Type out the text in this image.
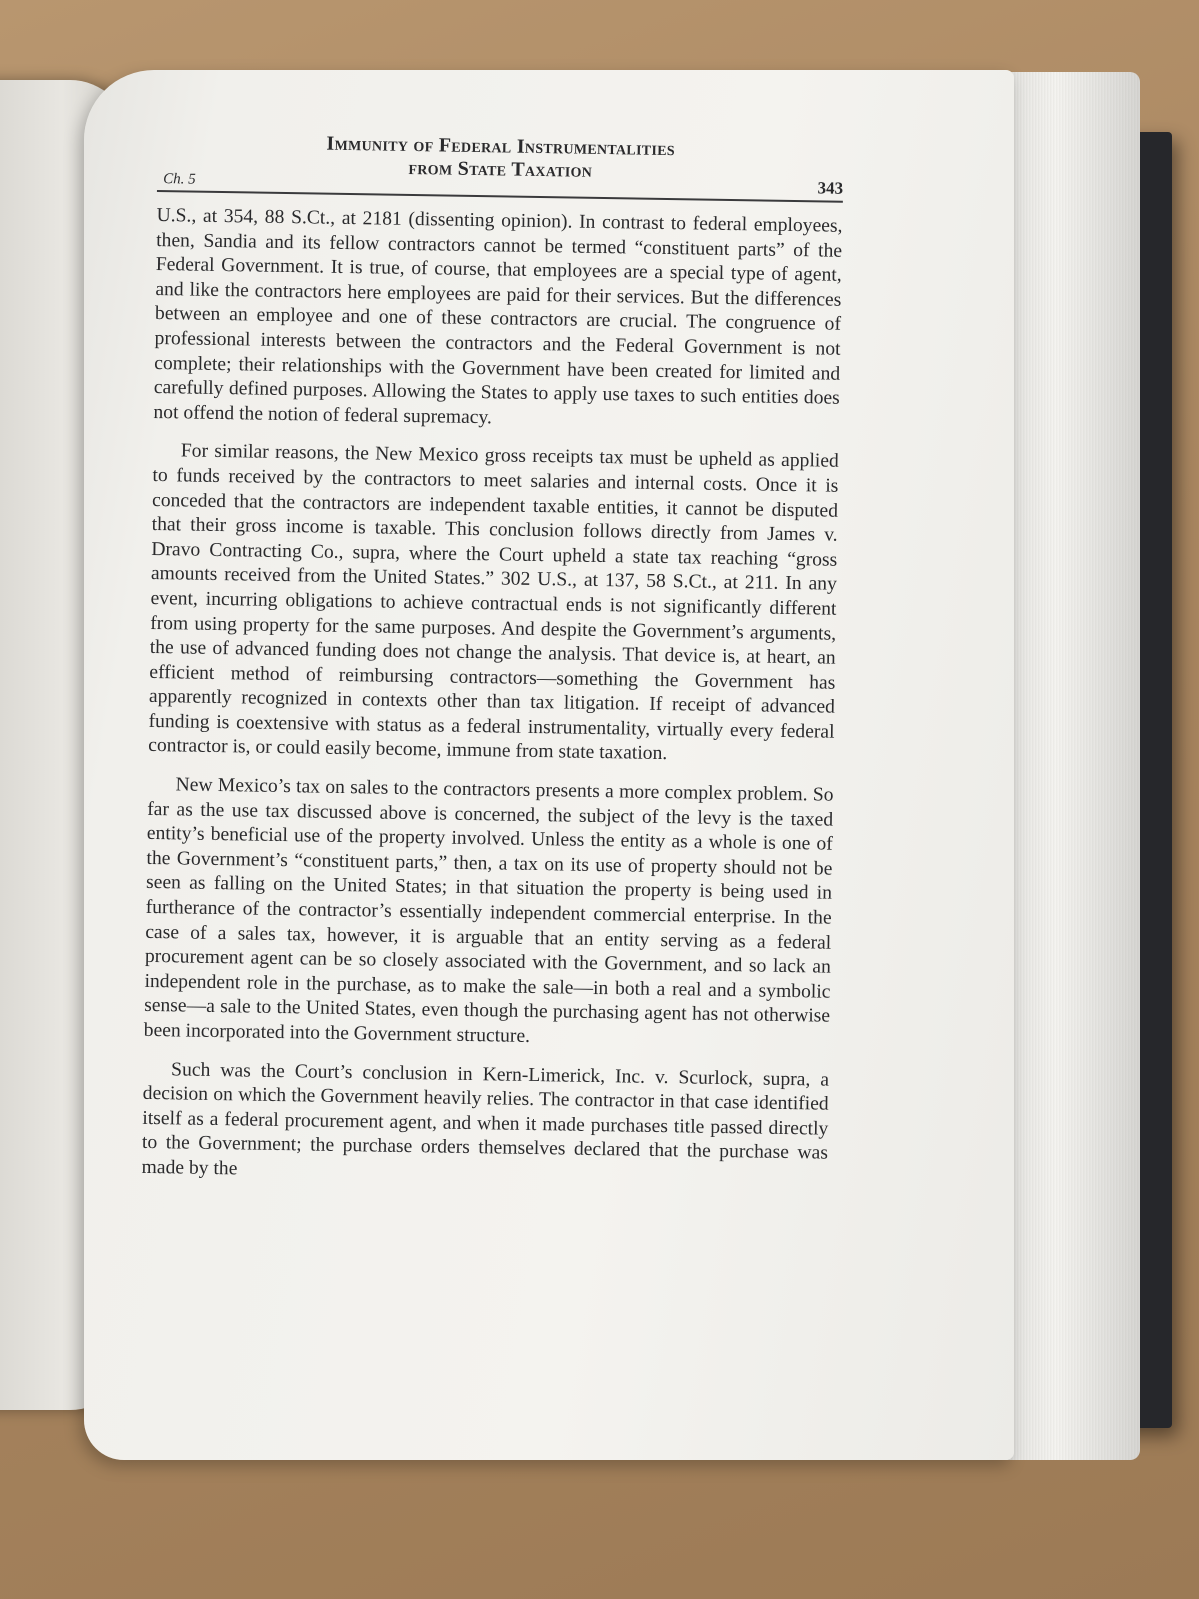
Immunity of Federal Instrumentalities
from State Taxation
Ch. 5	343

U.S., at 354, 88 S.Ct., at 2181 (dissenting opinion). In contrast to federal employees, then, Sandia and its fellow contractors cannot be termed “constituent parts” of the Federal Government. It is true, of course, that employees are a special type of agent, and like the contractors here employees are paid for their services. But the differences between an employee and one of these contractors are crucial. The congruence of professional interests between the contractors and the Federal Government is not complete; their relationships with the Government have been created for limited and carefully defined purposes. Allowing the States to apply use taxes to such entities does not offend the notion of federal supremacy.

For similar reasons, the New Mexico gross receipts tax must be upheld as applied to funds received by the contractors to meet salaries and internal costs. Once it is conceded that the contractors are independent taxable entities, it cannot be disputed that their gross income is taxable. This conclusion follows directly from James v. Dravo Contracting Co., supra, where the Court upheld a state tax reaching “gross amounts received from the United States.” 302 U.S., at 137, 58 S.Ct., at 211. In any event, incurring obligations to achieve contractual ends is not significantly different from using property for the same purposes. And despite the Government’s arguments, the use of advanced funding does not change the analysis. That device is, at heart, an efficient method of reimbursing contractors—something the Government has apparently recognized in contexts other than tax litigation. If receipt of advanced funding is coextensive with status as a federal instrumentality, virtually every federal contractor is, or could easily become, immune from state taxation.

New Mexico’s tax on sales to the contractors presents a more complex problem. So far as the use tax discussed above is concerned, the subject of the levy is the taxed entity’s beneficial use of the property involved. Unless the entity as a whole is one of the Government’s “constituent parts,” then, a tax on its use of property should not be seen as falling on the United States; in that situation the property is being used in furtherance of the contractor’s essentially independent commercial enterprise. In the case of a sales tax, however, it is arguable that an entity serving as a federal procurement agent can be so closely associated with the Government, and so lack an independent role in the purchase, as to make the sale—in both a real and a symbolic sense—a sale to the United States, even though the purchasing agent has not otherwise been incorporated into the Government structure.

Such was the Court’s conclusion in Kern-Limerick, Inc. v. Scurlock, supra, a decision on which the Government heavily relies. The contractor in that case identified itself as a federal procurement agent, and when it made purchases title passed directly to the Government; the purchase orders themselves declared that the purchase was made by the
